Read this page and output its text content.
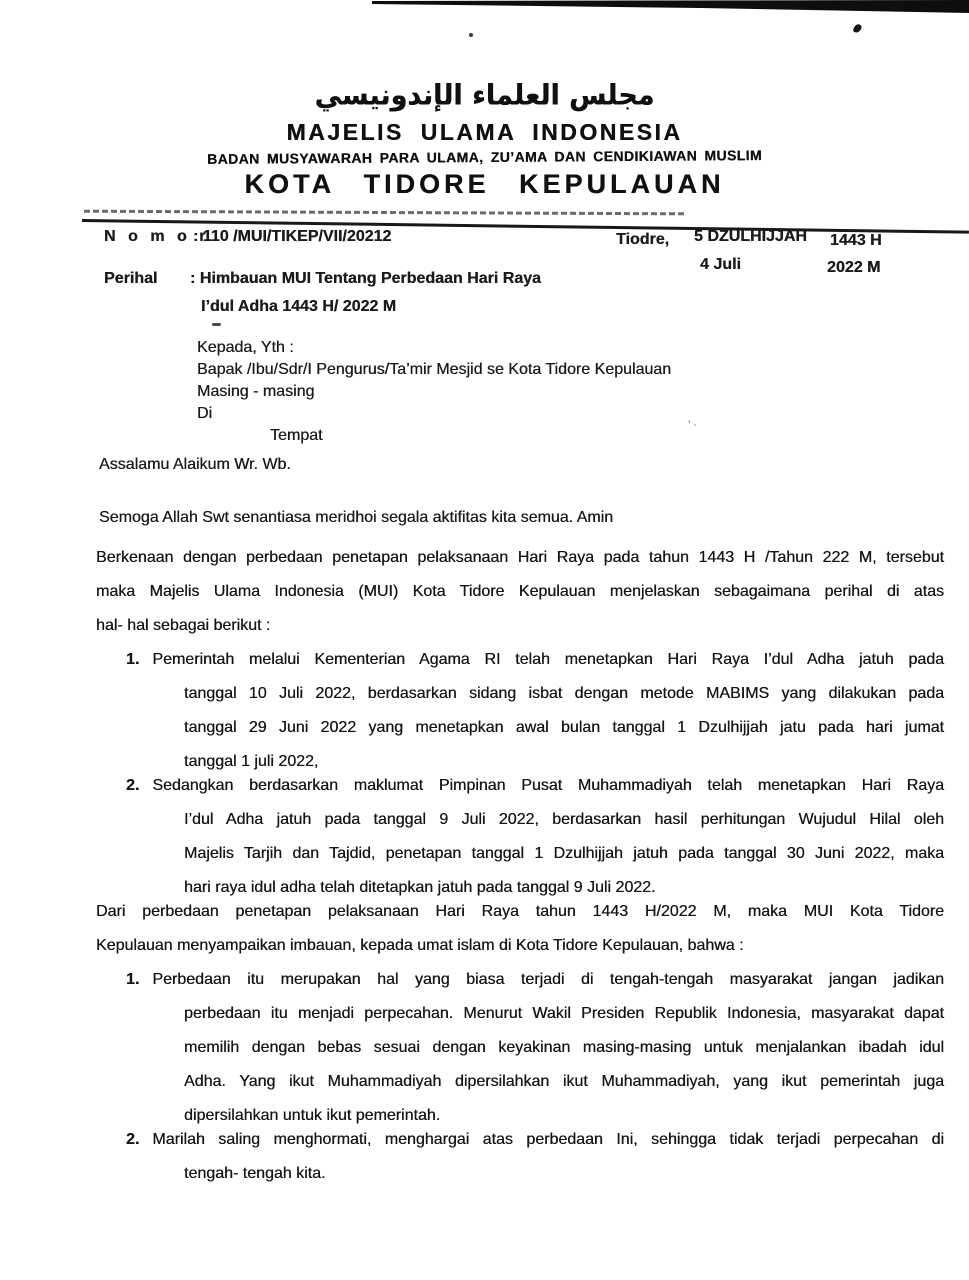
’ ·
مجلس العلماء الإندونيسي
MAJELIS ULAMA INDONESIA
BADAN MUSYAWARAH PARA ULAMA, ZU’AMA DAN CENDIKIAWAN MUSLIM
KOTA TIDORE KEPULAUAN
N o m o r
: 110 /MUI/TIKEP/VII/20212	Tiodre, 5 DZULHIJJAH 1443 H
4 Juli	2022 M
Perihal : Himbauan MUI Tentang Perbedaan Hari Raya
I’dul Adha 1443 H/ 2022 M
Kepada, Yth :
Bapak /Ibu/Sdr/I Pengurus/Ta’mir Mesjid se Kota Tidore Kepulauan
Masing - masing
Di
Tempat
Assalamu Alaikum Wr. Wb.
Semoga Allah Swt senantiasa meridhoi segala aktifitas kita semua. Amin
Berkenaan dengan perbedaan penetapan pelaksanaan Hari Raya pada tahun 1443 H /Tahun 222 M, tersebut
maka Majelis Ulama Indonesia (MUI) Kota Tidore Kepulauan menjelaskan sebagaimana perihal di atas
hal- hal sebagai berikut :
1. Pemerintah melalui Kementerian Agama RI telah menetapkan Hari Raya I’dul Adha jatuh pada
tanggal 10 Juli 2022, berdasarkan sidang isbat dengan metode MABIMS yang dilakukan pada
tanggal 29 Juni 2022 yang menetapkan awal bulan tanggal 1 Dzulhijjah jatu pada hari jumat
tanggal 1 juli 2022,
2. Sedangkan berdasarkan maklumat Pimpinan Pusat Muhammadiyah telah menetapkan Hari Raya
I’dul Adha jatuh pada tanggal 9 Juli 2022, berdasarkan hasil perhitungan Wujudul Hilal oleh
Majelis Tarjih dan Tajdid, penetapan tanggal 1 Dzulhijjah jatuh pada tanggal 30 Juni 2022, maka
hari raya idul adha telah ditetapkan jatuh pada tanggal 9 Juli 2022.
Dari perbedaan penetapan pelaksanaan Hari Raya tahun 1443 H/2022 M, maka MUI Kota Tidore
Kepulauan menyampaikan imbauan, kepada umat islam di Kota Tidore Kepulauan, bahwa :
1. Perbedaan itu merupakan hal yang biasa terjadi di tengah-tengah masyarakat jangan jadikan
perbedaan itu menjadi perpecahan. Menurut Wakil Presiden Republik Indonesia, masyarakat dapat
memilih dengan bebas sesuai dengan keyakinan masing-masing untuk menjalankan ibadah idul
Adha. Yang ikut Muhammadiyah dipersilahkan ikut Muhammadiyah, yang ikut pemerintah juga
dipersilahkan untuk ikut pemerintah.
2. Marilah saling menghormati, menghargai atas perbedaan Ini, sehingga tidak terjadi perpecahan di
tengah- tengah kita.
